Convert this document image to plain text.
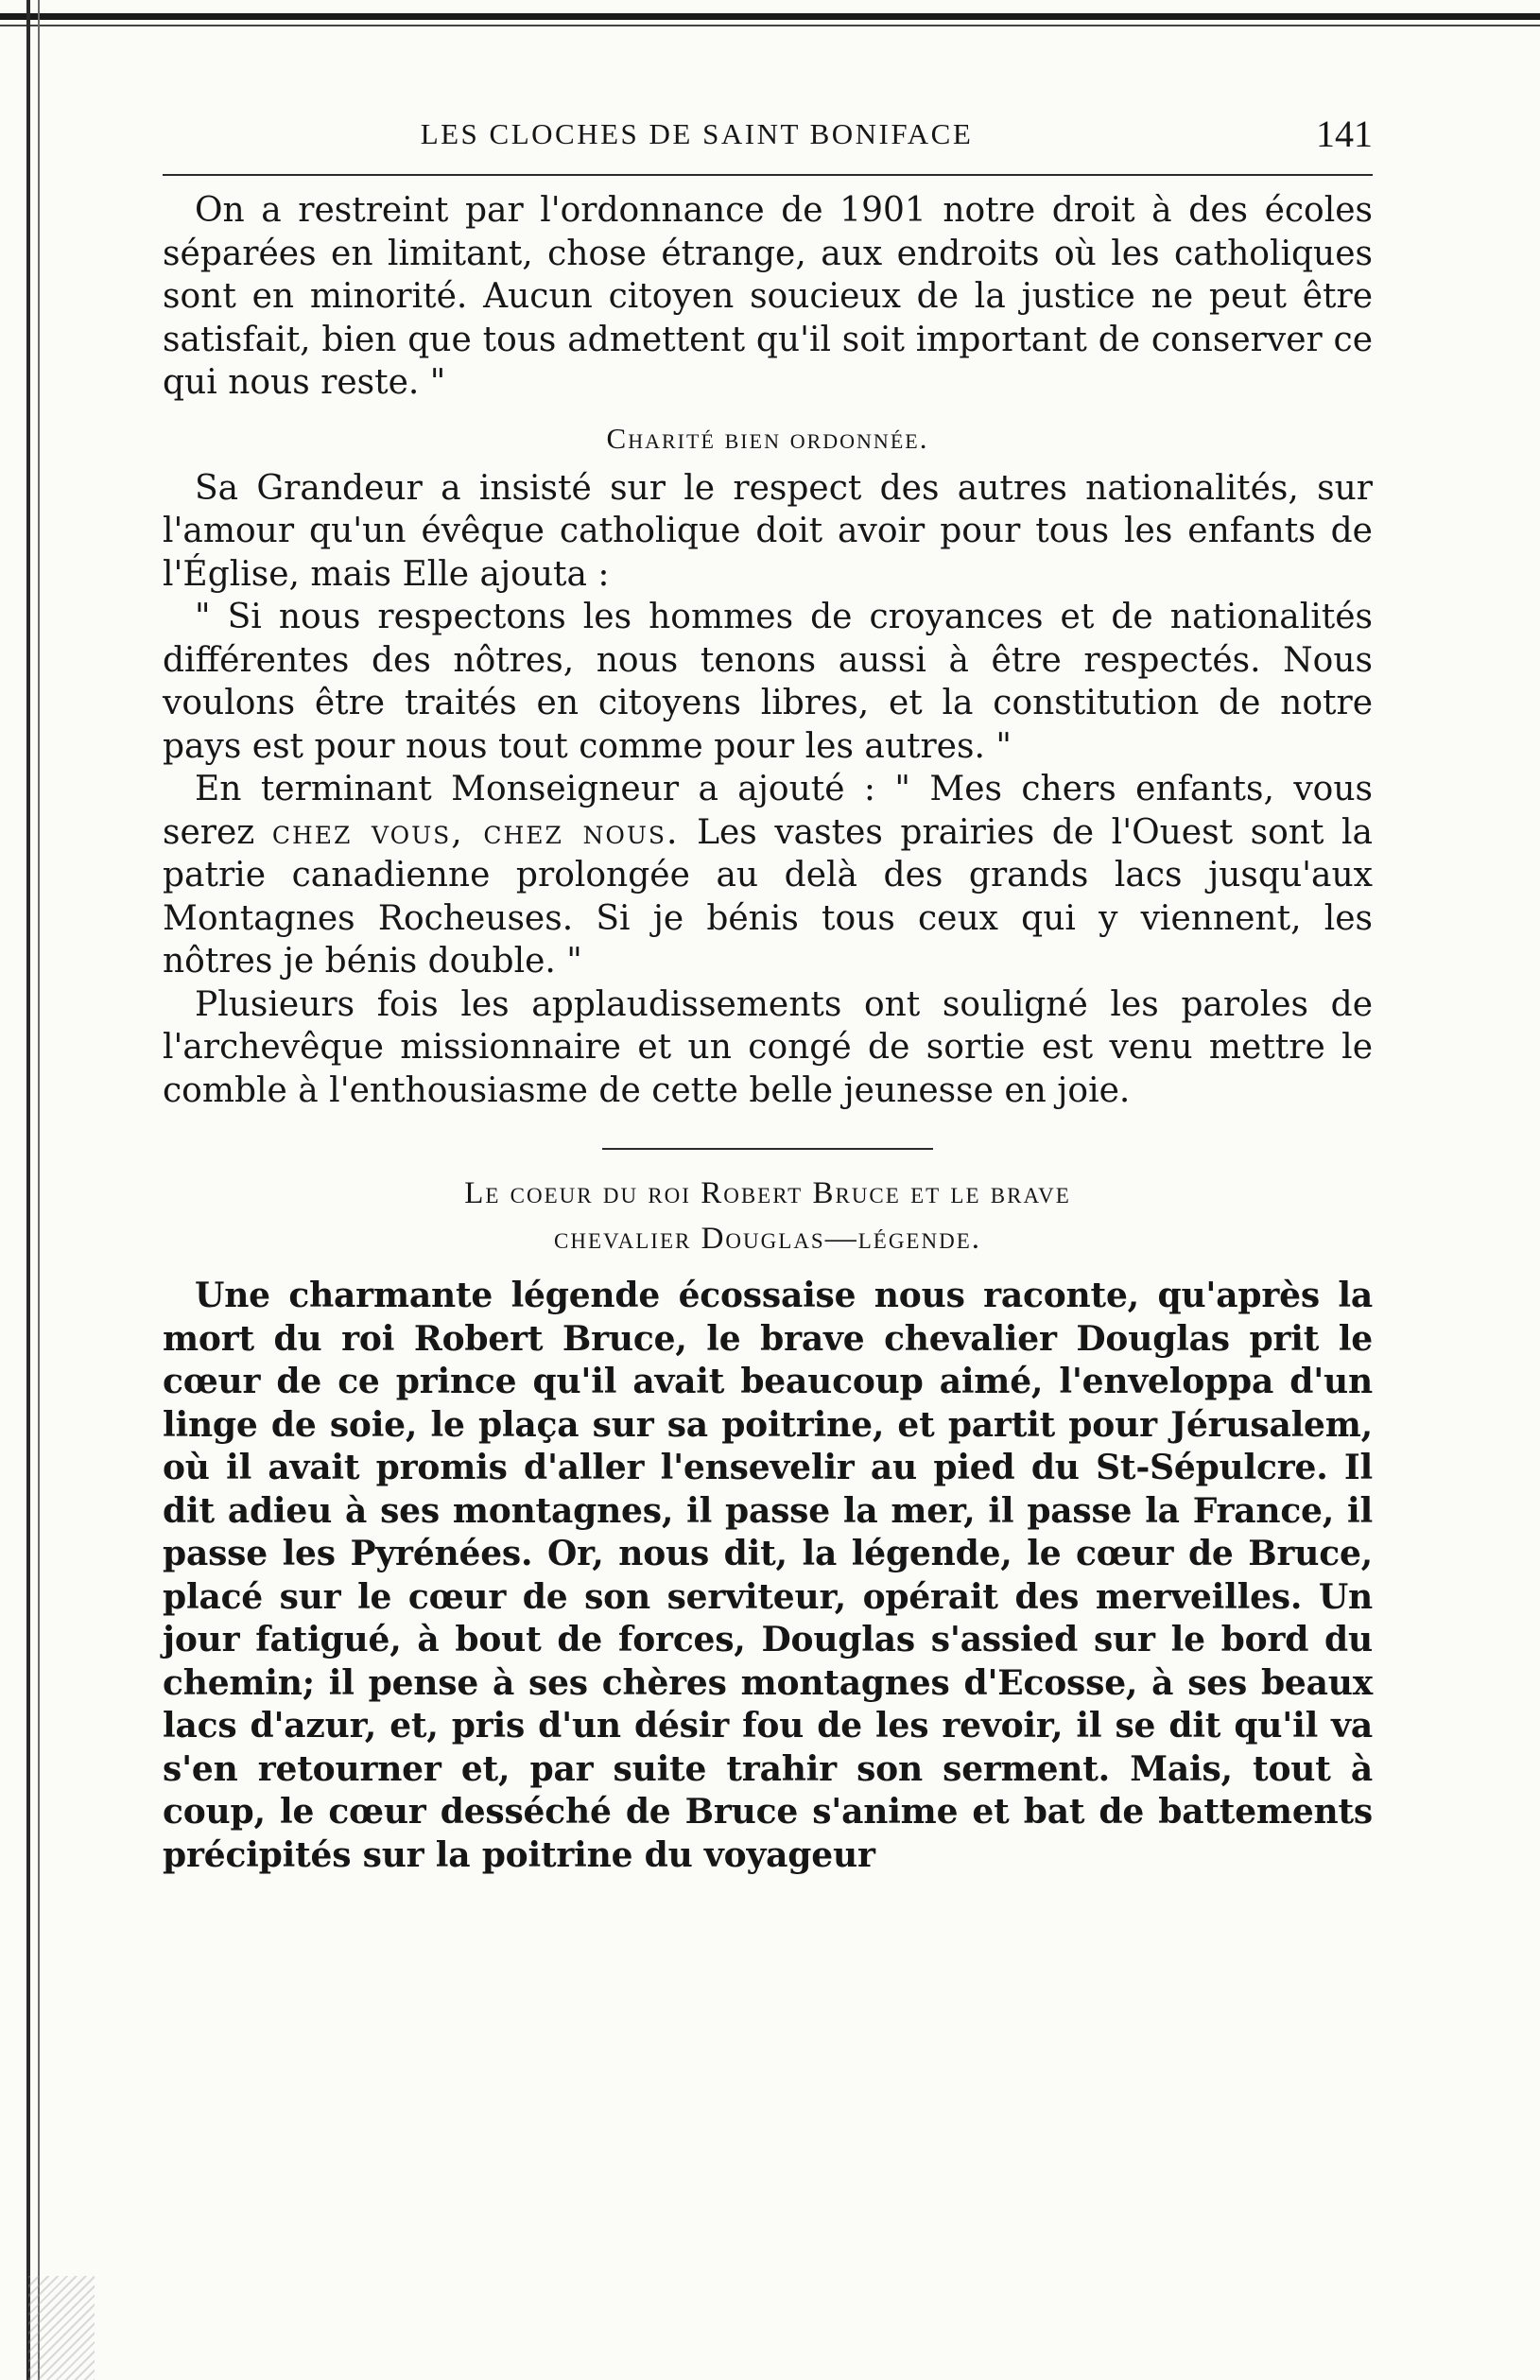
LES CLOCHES DE SAINT BONIFACE	141

On a restreint par l'ordonnance de 1901 notre droit à des écoles séparées en limitant, chose étrange, aux endroits où les catholiques sont en minorité. Aucun citoyen soucieux de la justice ne peut être satisfait, bien que tous admettent qu'il soit important de conserver ce qui nous reste. "

Charité bien ordonnée.

Sa Grandeur a insisté sur le respect des autres nationalités, sur l'amour qu'un évêque catholique doit avoir pour tous les enfants de l'Église, mais Elle ajouta :

" Si nous respectons les hommes de croyances et de nationalités différentes des nôtres, nous tenons aussi à être respectés. Nous voulons être traités en citoyens libres, et la constitution de notre pays est pour nous tout comme pour les autres. "

En terminant Monseigneur a ajouté : " Mes chers enfants, vous serez chez vous, chez nous. Les vastes prairies de l'Ouest sont la patrie canadienne prolongée au delà des grands lacs jusqu'aux Montagnes Rocheuses. Si je bénis tous ceux qui y viennent, les nôtres je bénis double. "

Plusieurs fois les applaudissements ont souligné les paroles de l'archevêque missionnaire et un congé de sortie est venu mettre le comble à l'enthousiasme de cette belle jeunesse en joie.

Le coeur du roi Robert Bruce et le brave
chevalier Douglas—légende.

Une charmante légende écossaise nous raconte, qu'après la mort du roi Robert Bruce, le brave chevalier Douglas prit le cœur de ce prince qu'il avait beaucoup aimé, l'enveloppa d'un linge de soie, le plaça sur sa poitrine, et partit pour Jérusalem, où il avait promis d'aller l'ensevelir au pied du St-Sépulcre. Il dit adieu à ses montagnes, il passe la mer, il passe la France, il passe les Pyrénées. Or, nous dit, la légende, le cœur de Bruce, placé sur le cœur de son serviteur, opérait des merveilles. Un jour fatigué, à bout de forces, Douglas s'assied sur le bord du chemin; il pense à ses chères montagnes d'Ecosse, à ses beaux lacs d'azur, et, pris d'un désir fou de les revoir, il se dit qu'il va s'en retourner et, par suite trahir son serment. Mais, tout à coup, le cœur desséché de Bruce s'anime et bat de battements précipités sur la poitrine du voyageur
